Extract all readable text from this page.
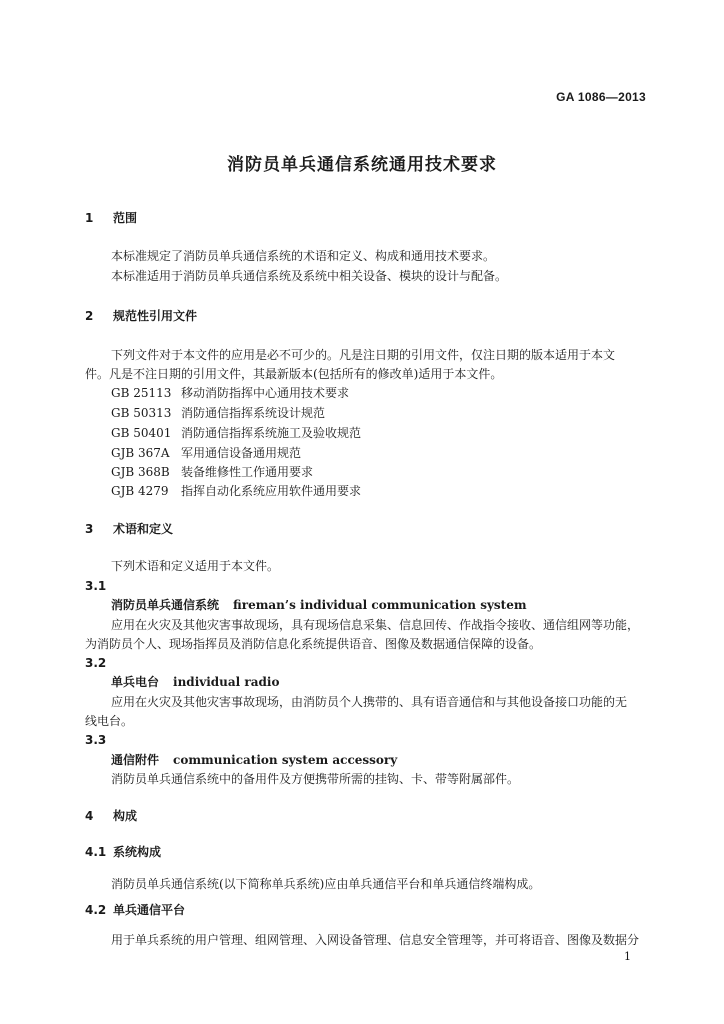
GA 1086—2013
消防员单兵通信系统通用技术要求
1 范围
本标准规定了消防员单兵通信系统的术语和定义、构成和通用技术要求。
本标准适用于消防员单兵通信系统及系统中相关设备、模块的设计与配备。
2 规范性引用文件
下列文件对于本文件的应用是必不可少的。凡是注日期的引用文件，仅注日期的版本适用于本文
件。凡是不注日期的引用文件，其最新版本(包括所有的修改单)适用于本文件。
GB 25113 移动消防指挥中心通用技术要求
GB 50313 消防通信指挥系统设计规范
GB 50401 消防通信指挥系统施工及验收规范
GJB 367A 军用通信设备通用规范
GJB 368B 装备维修性工作通用要求
GJB 4279 指挥自动化系统应用软件通用要求
3 术语和定义
下列术语和定义适用于本文件。
3.1
消防员单兵通信系统 fireman’s individual communication system
应用在火灾及其他灾害事故现场，具有现场信息采集、信息回传、作战指令接收、通信组网等功能，
为消防员个人、现场指挥员及消防信息化系统提供语音、图像及数据通信保障的设备。
3.2
单兵电台 individual radio
应用在火灾及其他灾害事故现场，由消防员个人携带的、具有语音通信和与其他设备接口功能的无
线电台。
3.3
通信附件 communication system accessory
消防员单兵通信系统中的备用件及方便携带所需的挂钩、卡、带等附属部件。
4 构成
4.1 系统构成
消防员单兵通信系统(以下简称单兵系统)应由单兵通信平台和单兵通信终端构成。
4.2 单兵通信平台
用于单兵系统的用户管理、组网管理、入网设备管理、信息安全管理等，并可将语音、图像及数据分
1
